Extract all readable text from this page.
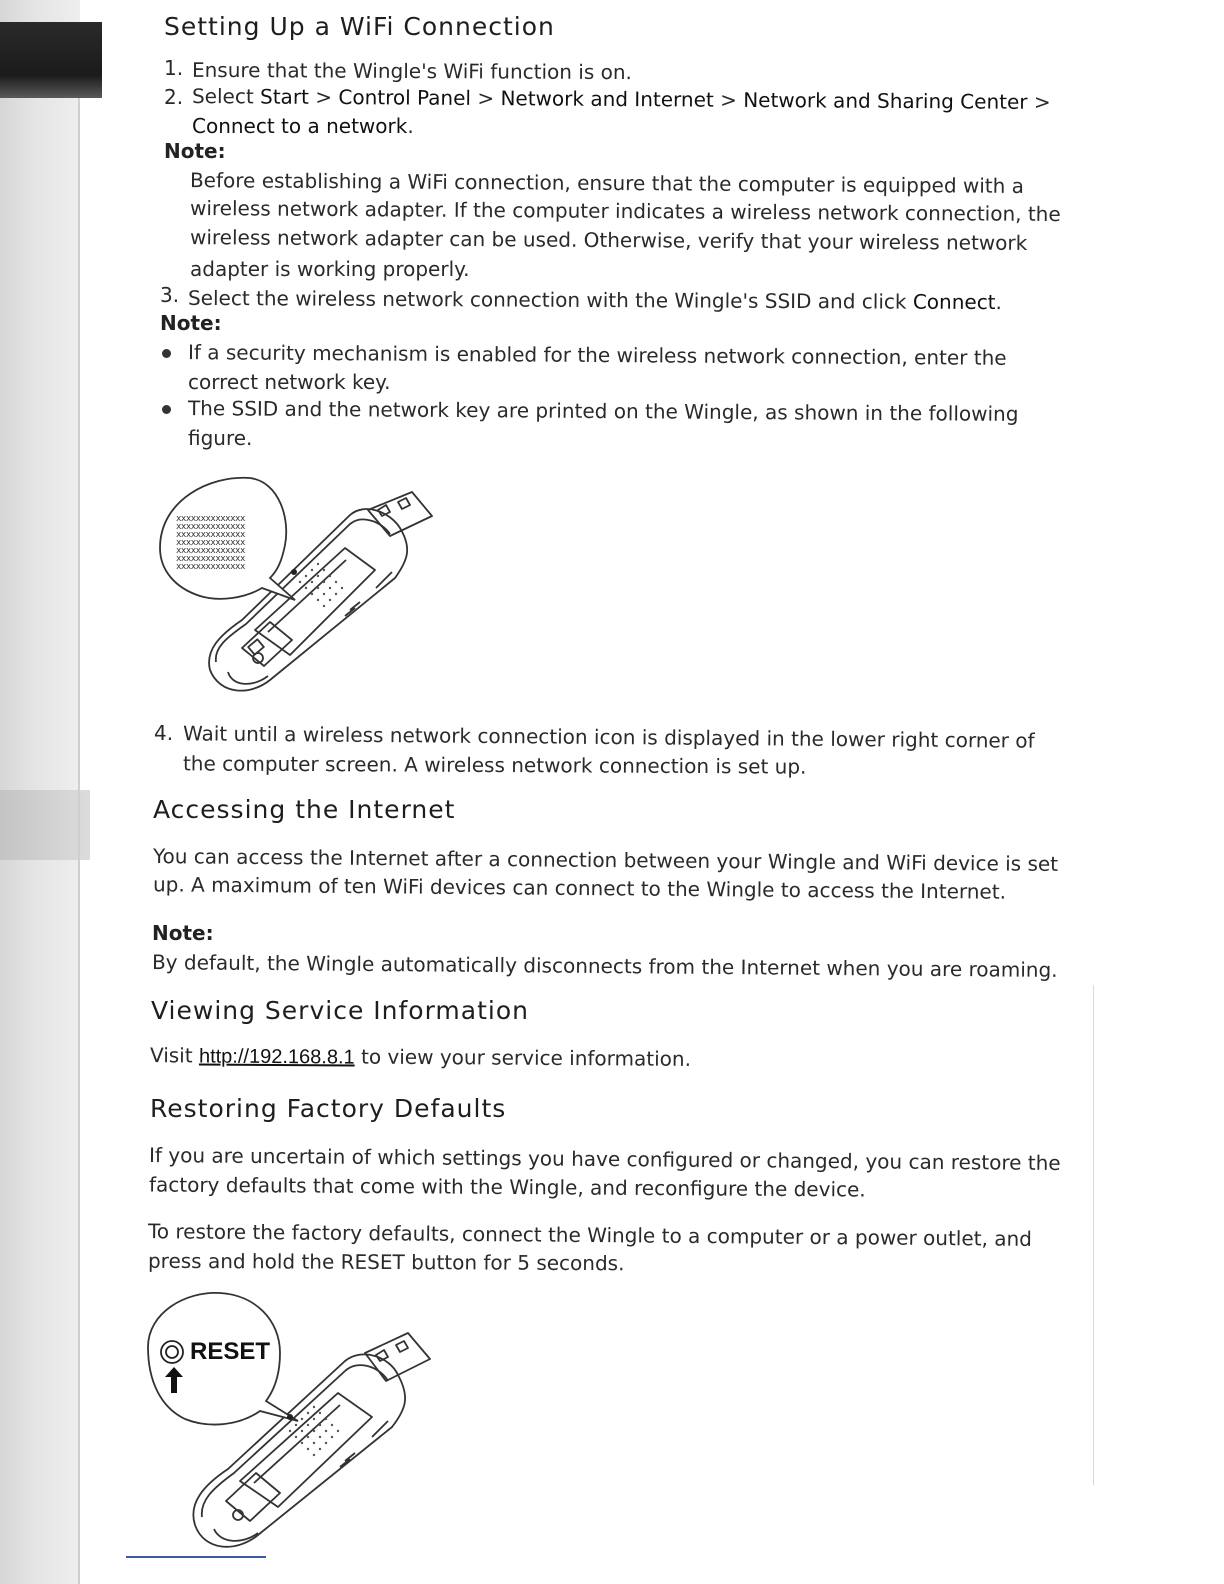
Setting Up a WiFi Connection
1. Ensure that the Wingle's WiFi function is on.
2. Select Start > Control Panel > Network and Internet > Network and Sharing Center >
Connect to a network.
Note:
Before establishing a WiFi connection, ensure that the computer is equipped with a
wireless network adapter. If the computer indicates a wireless network connection, the
wireless network adapter can be used. Otherwise, verify that your wireless network
adapter is working properly.
3. Select the wireless network connection with the Wingle's SSID and click Connect.
Note:
If a security mechanism is enabled for the wireless network connection, enter the
correct network key.
The SSID and the network key are printed on the Wingle, as shown in the following
figure.
xxxxxxxxxxxxxx
xxxxxxxxxxxxxx
xxxxxxxxxxxxxx
xxxxxxxxxxxxxx
xxxxxxxxxxxxxx
xxxxxxxxxxxxxx
xxxxxxxxxxxxxx
4. Wait until a wireless network connection icon is displayed in the lower right corner of
the computer screen. A wireless network connection is set up.
Accessing the Internet
You can access the Internet after a connection between your Wingle and WiFi device is set
up. A maximum of ten WiFi devices can connect to the Wingle to access the Internet.
Note:
By default, the Wingle automatically disconnects from the Internet when you are roaming.
Viewing Service Information
Visit http://192.168.8.1 to view your service information.
Restoring Factory Defaults
If you are uncertain of which settings you have configured or changed, you can restore the
factory defaults that come with the Wingle, and reconfigure the device.
To restore the factory defaults, connect the Wingle to a computer or a power outlet, and
press and hold the RESET button for 5 seconds.
RESET
